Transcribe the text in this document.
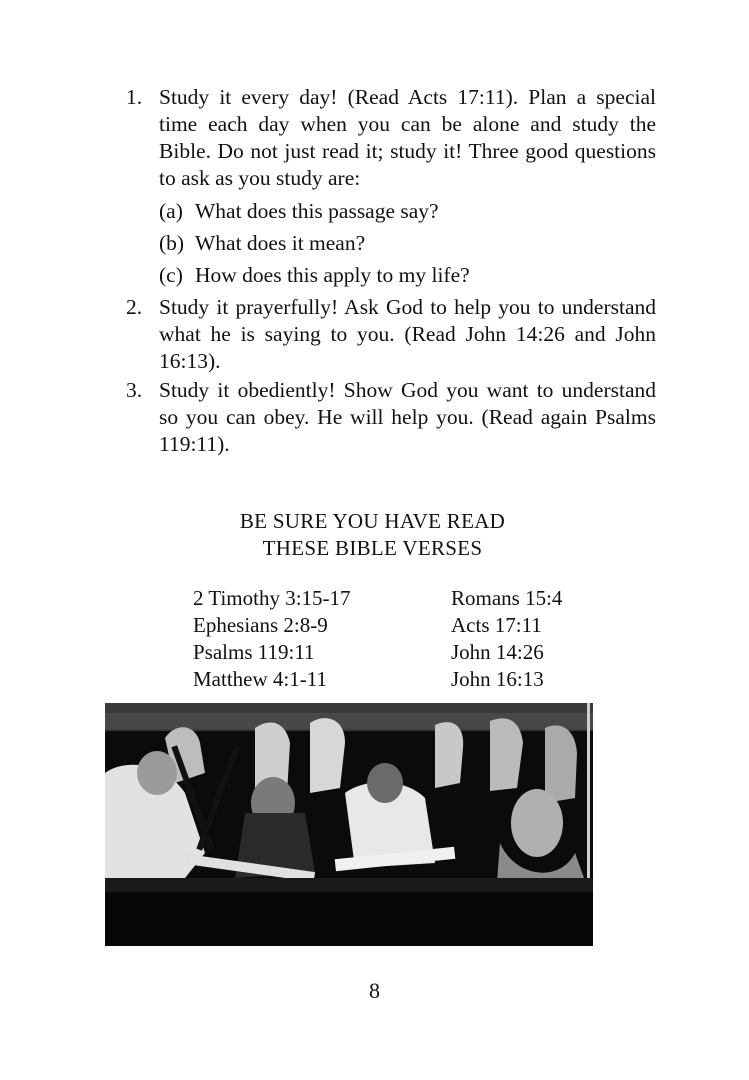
1. Study it every day! (Read Acts 17:11). Plan a special time each day when you can be alone and study the Bible. Do not just read it; study it! Three good questions to ask as you study are:
(a) What does this passage say?
(b) What does it mean?
(c) How does this apply to my life?
2. Study it prayerfully! Ask God to help you to understand what he is saying to you. (Read John 14:26 and John 16:13).
3. Study it obediently! Show God you want to understand so you can obey. He will help you. (Read again Psalms 119:11).
BE SURE YOU HAVE READ
THESE BIBLE VERSES
2 Timothy 3:15-17
Ephesians 2:8-9
Psalms 119:11
Matthew 4:1-11
Romans 15:4
Acts 17:11
John 14:26
John 16:13
8
